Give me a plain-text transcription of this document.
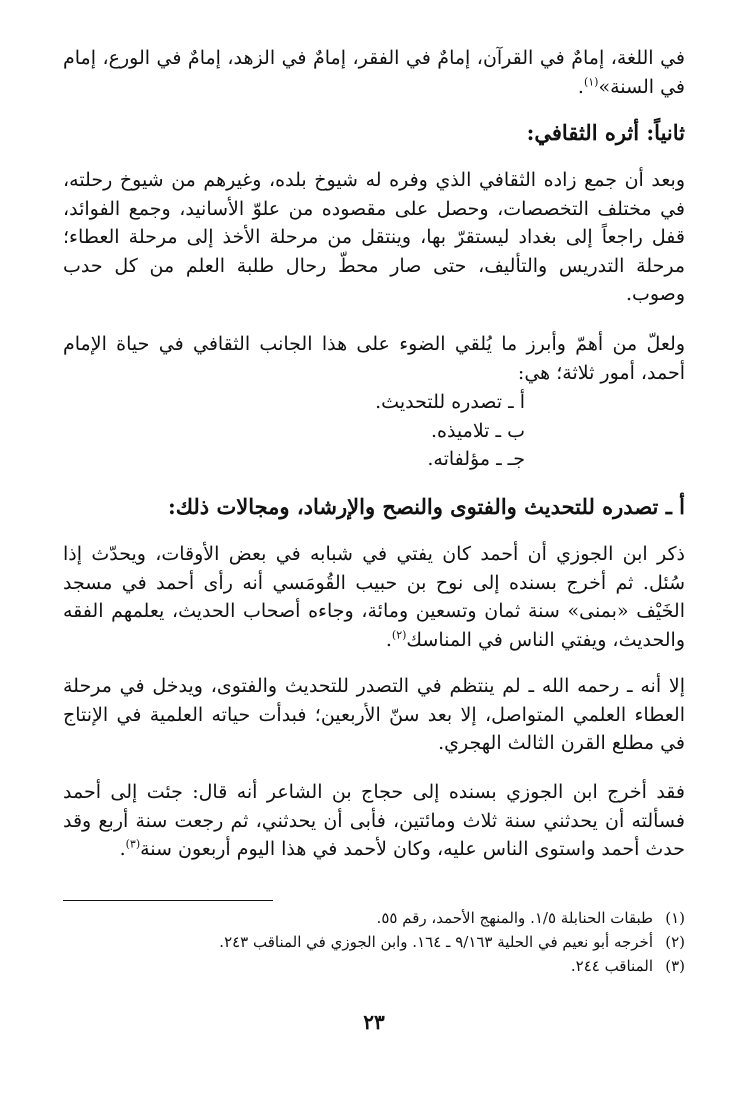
في اللغة، إمامٌ في القرآن، إمامٌ في الفقر، إمامٌ في الزهد، إمامٌ في الورع، إمام في السنة»$^{(١)}$.

ثانياً: أثره الثقافي:

وبعد أن جمع زاده الثقافي الذي وفره له شيوخ بلده، وغيرهم من شيوخ رحلته، في مختلف التخصصات، وحصل على مقصوده من علوّ الأسانيد، وجمع الفوائد، قفل راجعاً إلى بغداد ليستقرّ بها، وينتقل من مرحلة الأخذ إلى مرحلة العطاء؛ مرحلة التدريس والتأليف، حتى صار محطّ رحال طلبة العلم من كل حدب وصوب.

ولعلّ من أهمّ وأبرز ما يُلقي الضوء على هذا الجانب الثقافي في حياة الإمام أحمد، أمور ثلاثة؛ هي:

أ ـ تصدره للتحديث.

ب ـ تلاميذه.

جـ ـ مؤلفاته.

أ ـ تصدره للتحديث والفتوى والنصح والإرشاد، ومجالات ذلك:

ذكر ابن الجوزي أن أحمد كان يفتي في شبابه في بعض الأوقات، ويحدّث إذا سُئل. ثم أخرج بسنده إلى نوح بن حبيب القُومَسي أنه رأى أحمد في مسجد الخَيْف «بمنى» سنة ثمان وتسعين ومائة، وجاءه أصحاب الحديث، يعلمهم الفقه والحديث، ويفتي الناس في المناسك$^{(٢)}$.

إلا أنه ـ رحمه الله ـ لم ينتظم في التصدر للتحديث والفتوى، ويدخل في مرحلة العطاء العلمي المتواصل، إلا بعد سنّ الأربعين؛ فبدأت حياته العلمية في الإنتاج في مطلع القرن الثالث الهجري.

فقد أخرج ابن الجوزي بسنده إلى حجاج بن الشاعر أنه قال: جئت إلى أحمد فسألته أن يحدثني سنة ثلاث ومائتين، فأبى أن يحدثني، ثم رجعت سنة أربع وقد حدث أحمد واستوى الناس عليه، وكان لأحمد في هذا اليوم أربعون سنة$^{(٣)}$.

(١)
طبقات الحنابلة ١/٥. والمنهج الأحمد، رقم ٥٥.

(٢)
أخرجه أبو نعيم في الحلية ٩/١٦٣ ـ ١٦٤. وابن الجوزي في المناقب ٢٤٣.

(٣)
المناقب ٢٤٤.

٢٣
